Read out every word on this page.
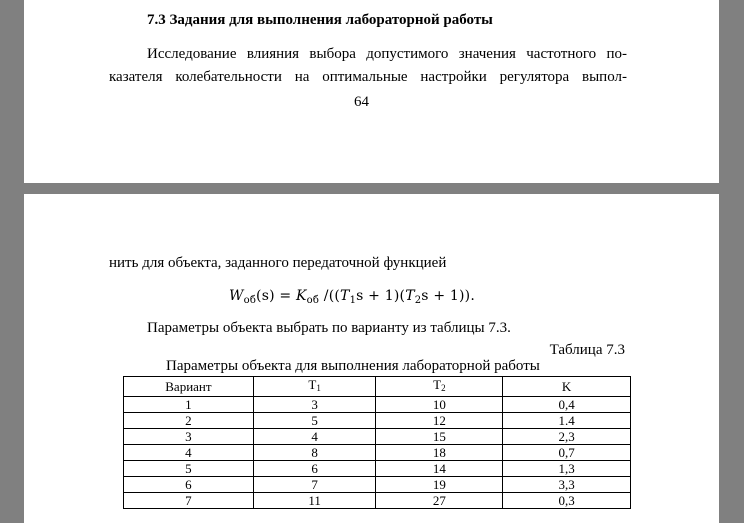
7.3 Задания для выполнения лабораторной работы
Исследование влияния выбора допустимого значения частотного по-
казателя колебательности на оптимальные настройки регулятора выпол-
64
нить для объекта, заданного передаточной функцией
$W_{об}(s) = K_{об}$ $/((T_1s + 1)(T_2s + 1))$.
Параметры объекта выбрать по варианту из таблицы 7.3.
Таблица 7.3
Параметры объекта для выполнения лабораторной работы
Вариант	$T_1$	$T_2$	K
1	3	10	0,4
2	5	12	1.4
3	4	15	2,3
4	8	18	0,7
5	6	14	1,3
6	7	19	3,3
7	11	27	0,3
